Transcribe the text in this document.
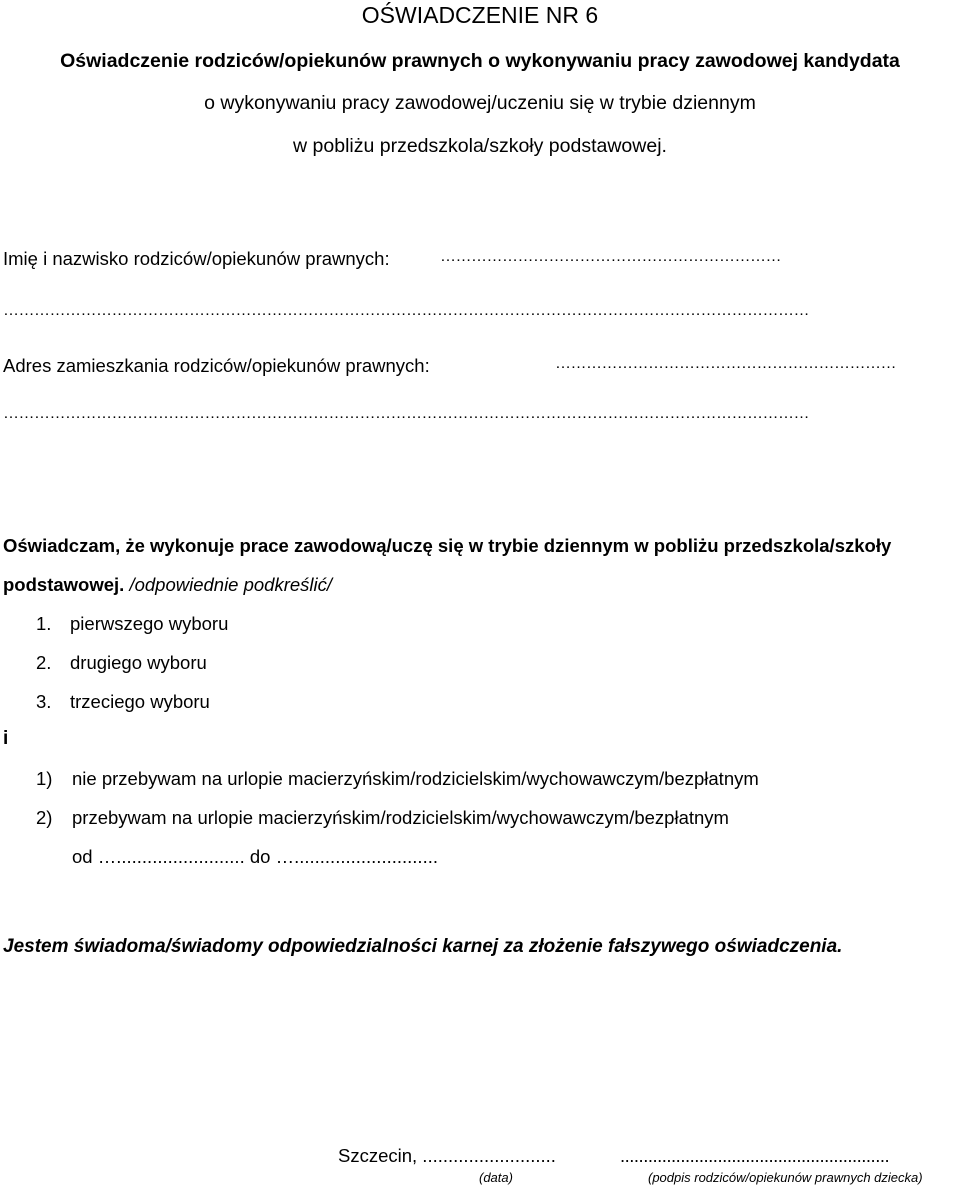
OŚWIADCZENIE NR 6
Oświadczenie rodziców/opiekunów prawnych o wykonywaniu pracy zawodowej kandydata
o wykonywaniu pracy zawodowej/uczeniu się w trybie dziennym
w pobliżu przedszkola/szkoły podstawowej.
Imię i nazwisko rodziców/opiekunów prawnych:	…………………………………………………………
…………………………………………………………………………………………………………………………………………
Adres zamieszkania rodziców/opiekunów prawnych:	…………………………………………………………
…………………………………………………………………………………………………………………………………………
Oświadczam, że wykonuje prace zawodową/uczę się w trybie dziennym w pobliżu przedszkola/szkoły
podstawowej. /odpowiednie podkreślić/
1. pierwszego wyboru
2. drugiego wyboru
3. trzeciego wyboru
i
1) nie przebywam na urlopie macierzyńskim/rodzicielskim/wychowawczym/bezpłatnym
2) przebywam na urlopie macierzyńskim/rodzicielskim/wychowawczym/bezpłatnym
od …......................... do …............................
Jestem świadoma/świadomy odpowiedzialności karnej za złożenie fałszywego oświadczenia.
Szczecin, ..........................	..........................................................
(data)	(podpis rodziców/opiekunów prawnych dziecka)
